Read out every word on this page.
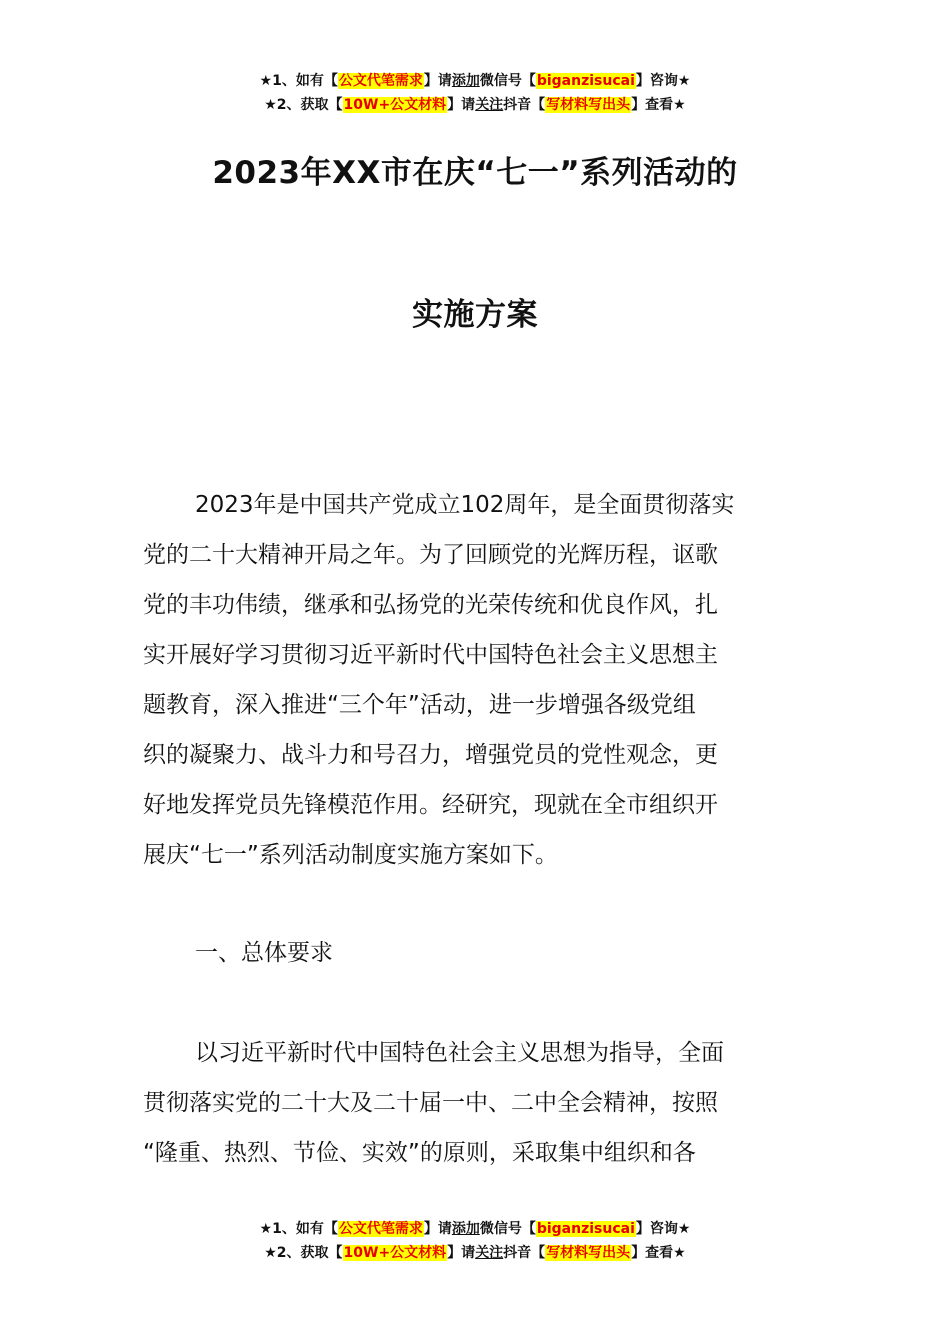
★1、如有【公文代笔需求】请添加微信号【biganzisucai】咨询★
★2、获取【10W+公文材料】请关注抖音【写材料写出头】查看★
2023年XX市在庆“七一”系列活动的
实施方案
2023年是中国共产党成立102周年，是全面贯彻落实
党的二十大精神开局之年。为了回顾党的光辉历程，讴歌
党的丰功伟绩，继承和弘扬党的光荣传统和优良作风，扎
实开展好学习贯彻习近平新时代中国特色社会主义思想主
题教育，深入推进“三个年”活动，进一步增强各级党组
织的凝聚力、战斗力和号召力，增强党员的党性观念，更
好地发挥党员先锋模范作用。经研究，现就在全市组织开
展庆“七一”系列活动制度实施方案如下。
一、总体要求
以习近平新时代中国特色社会主义思想为指导，全面
贯彻落实党的二十大及二十届一中、二中全会精神，按照
“隆重、热烈、节俭、实效”的原则，采取集中组织和各
★1、如有【公文代笔需求】请添加微信号【biganzisucai】咨询★
★2、获取【10W+公文材料】请关注抖音【写材料写出头】查看★
